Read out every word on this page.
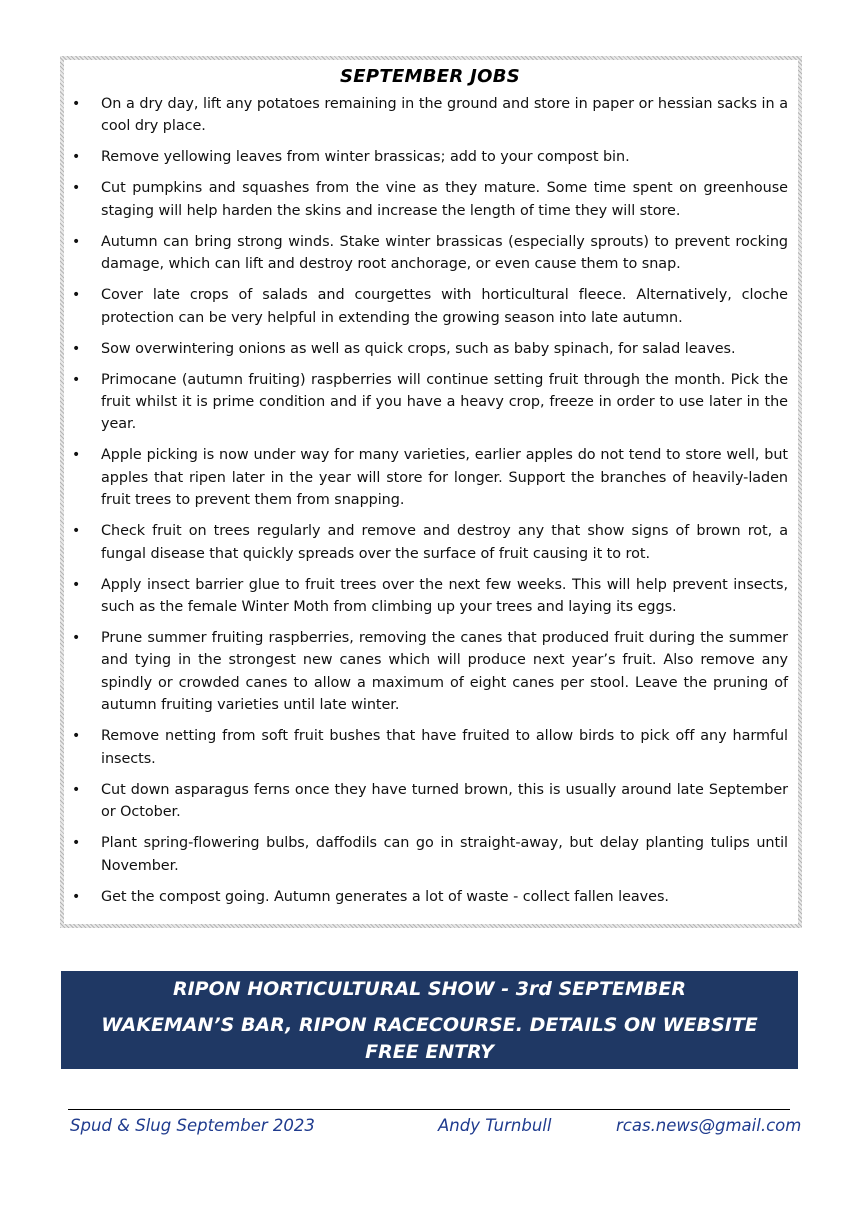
SEPTEMBER JOBS
• On a dry day, lift any potatoes remaining in the ground and store in paper or hessian sacks in a cool dry place.
• Remove yellowing leaves from winter brassicas; add to your compost bin.
• Cut pumpkins and squashes from the vine as they mature. Some time spent on greenhouse staging will help harden the skins and increase the length of time they will store.
• Autumn can bring strong winds. Stake winter brassicas (especially sprouts) to prevent rocking damage, which can lift and destroy root anchorage, or even cause them to snap.
• Cover late crops of salads and courgettes with horticultural fleece. Alternatively, cloche protection can be very helpful in extending the growing season into late autumn.
• Sow overwintering onions as well as quick crops, such as baby spinach, for salad leaves.
• Primocane (autumn fruiting) raspberries will continue setting fruit through the month. Pick the fruit whilst it is prime condition and if you have a heavy crop, freeze in order to use later in the year.
• Apple picking is now under way for many varieties, earlier apples do not tend to store well, but apples that ripen later in the year will store for longer. Support the branches of heavily-laden fruit trees to prevent them from snapping.
• Check fruit on trees regularly and remove and destroy any that show signs of brown rot, a fungal disease that quickly spreads over the surface of fruit causing it to rot.
• Apply insect barrier glue to fruit trees over the next few weeks. This will help prevent insects, such as the female Winter Moth from climbing up your trees and laying its eggs.
• Prune summer fruiting raspberries, removing the canes that produced fruit during the summer and tying in the strongest new canes which will produce next year’s fruit. Also remove any spindly or crowded canes to allow a maximum of eight canes per stool. Leave the pruning of autumn fruiting varieties until late winter.
• Remove netting from soft fruit bushes that have fruited to allow birds to pick off any harmful insects.
• Cut down asparagus ferns once they have turned brown, this is usually around late September or October.
• Plant spring-flowering bulbs, daffodils can go in straight-away, but delay planting tulips until November.
• Get the compost going. Autumn generates a lot of waste - collect fallen leaves.
RIPON HORTICULTURAL SHOW - 3rd SEPTEMBER
WAKEMAN’S BAR, RIPON RACECOURSE. DETAILS ON WEBSITE
FREE ENTRY
Spud & Slug September 2023	Andy Turnbull	rcas.news@gmail.com
